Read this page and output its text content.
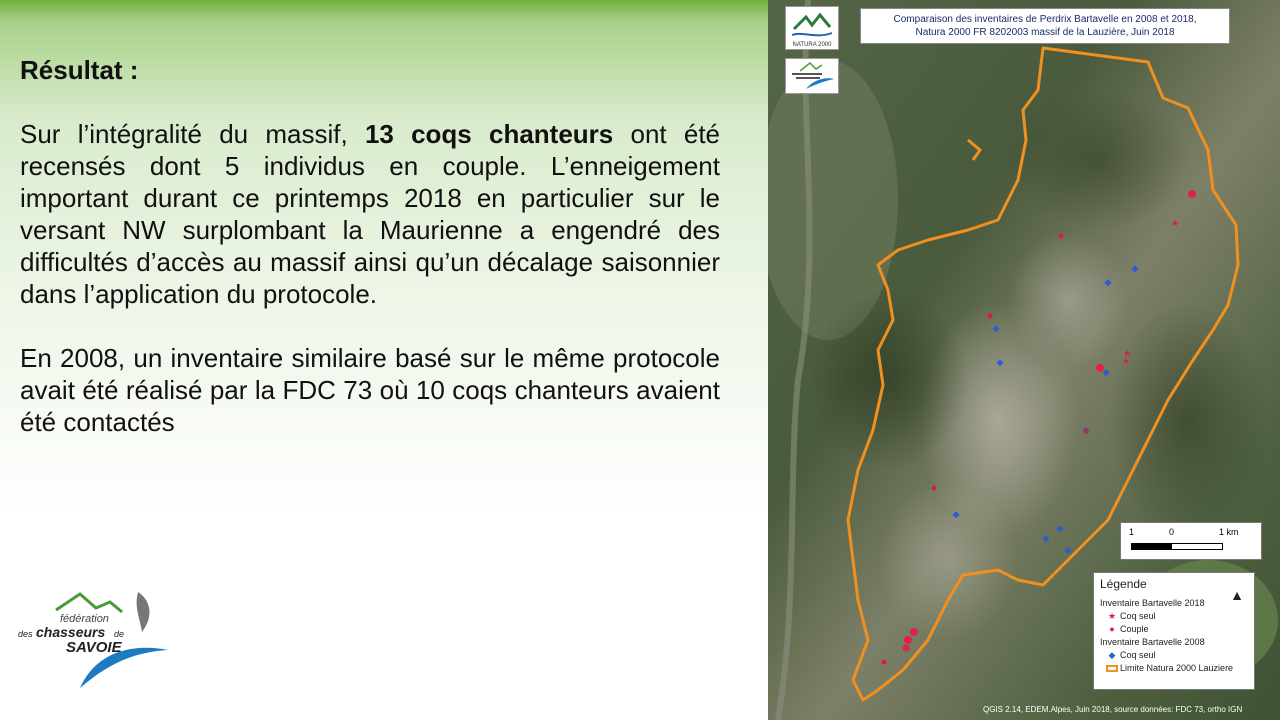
Résultat :

Sur l’intégralité du massif, 13 coqs chanteurs ont été recensés dont 5 individus en couple. L’enneigement important durant ce printemps 2018 en particulier sur le versant NW surplombant la Maurienne a engendré des difficultés d’accès au massif ainsi qu’un décalage saisonnier dans l’application du protocole.

En 2008, un inventaire similaire basé sur le même protocole avait été réalisé par la FDC 73 où 10 coqs chanteurs avaient été contactés

fédération
des chasseurs de
SAVOIE
★
★
★
★
NATURA 2000
Comparaison des inventaires de Perdrix Bartavelle en 2008 et 2018,
Natura 2000 FR 8202003 massif de la Lauzière, Juin 2018
1	0	1 km
Légende
▲
Inventaire Bartavelle 2018
★ Coq seul
● Couple
Inventaire Bartavelle 2008
◆ Coq seul
Limite Natura 2000 Lauziere
QGIS 2.14, EDEM.Alpes, Juin 2018, source données: FDC 73, ortho IGN
